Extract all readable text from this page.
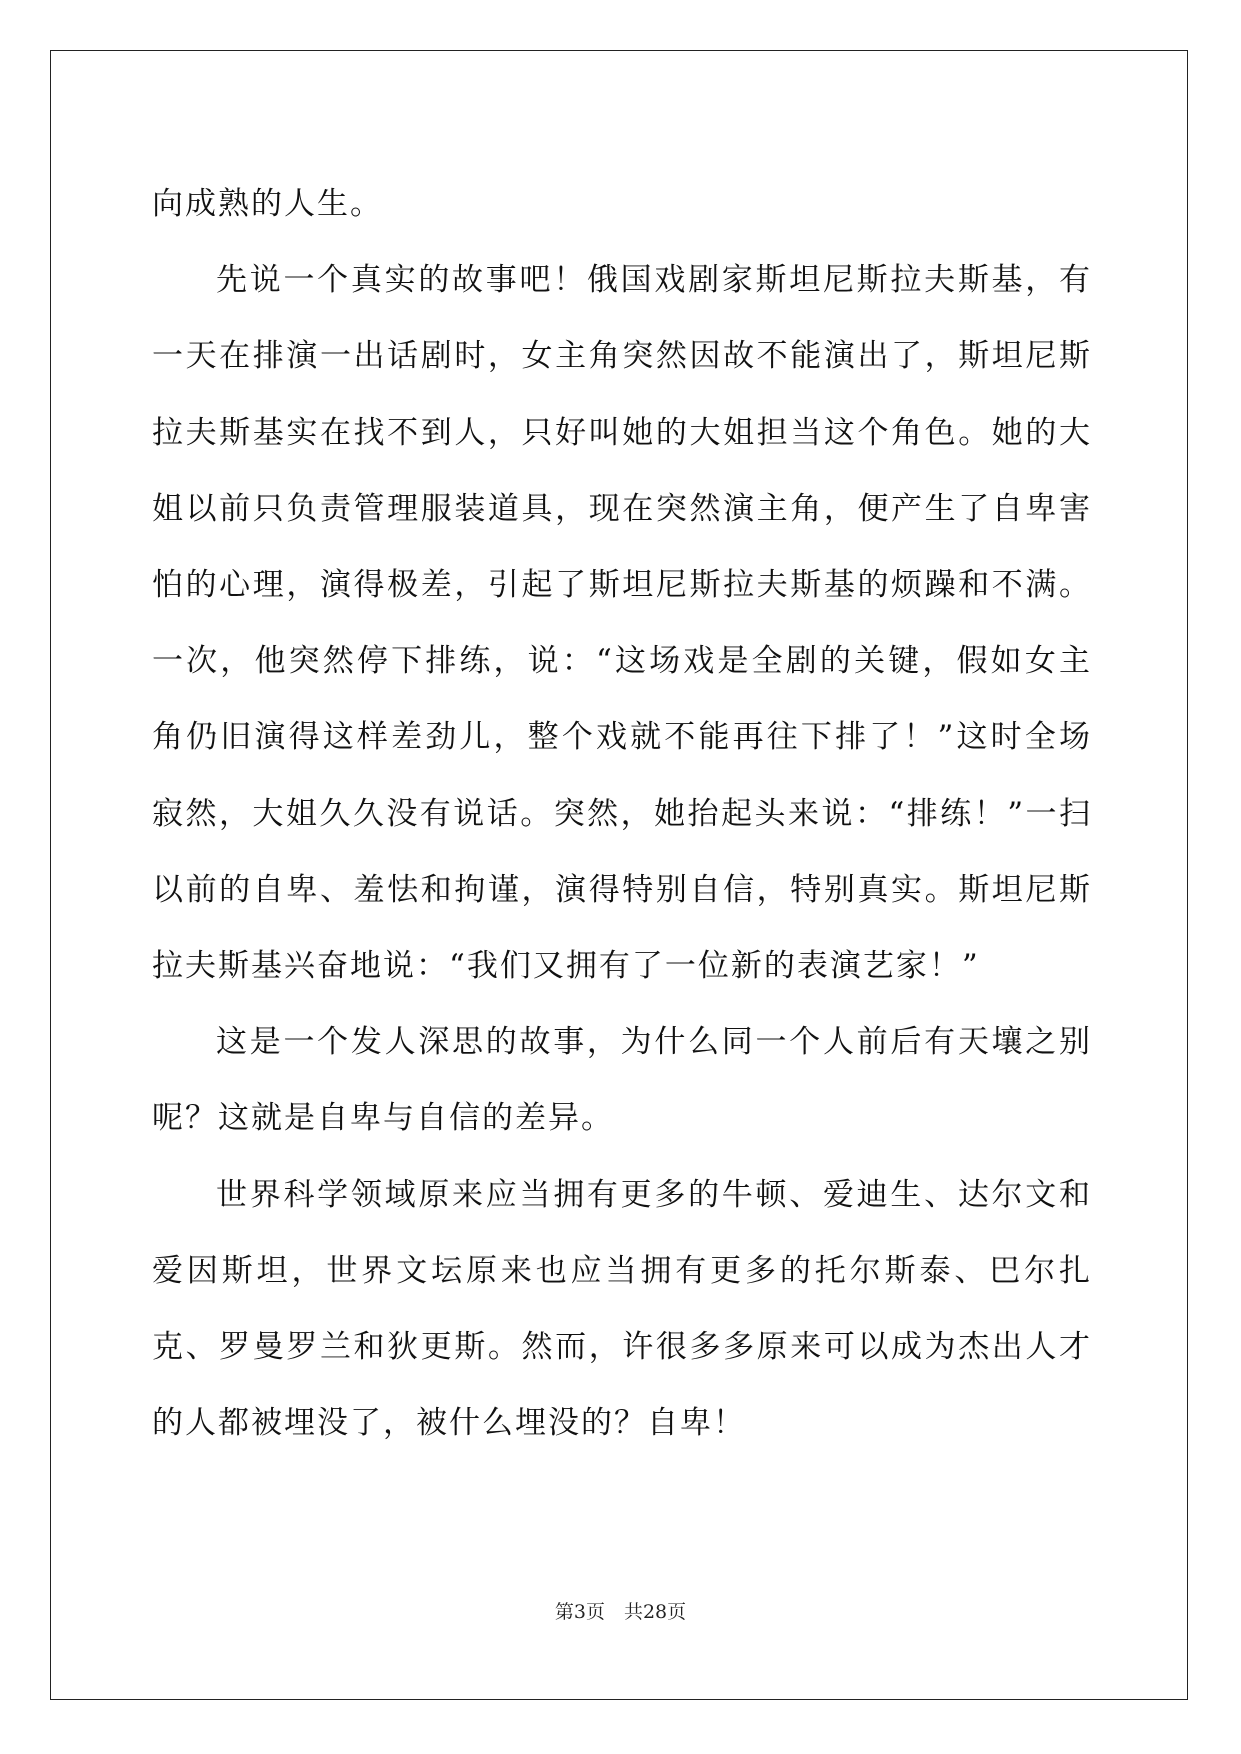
向成熟的人生。

先说一个真实的故事吧！俄国戏剧家斯坦尼斯拉夫斯基，有一天在排演一出话剧时，女主角突然因故不能演出了，斯坦尼斯拉夫斯基实在找不到人，只好叫她的大姐担当这个角色。她的大姐以前只负责管理服装道具，现在突然演主角，便产生了自卑害怕的心理，演得极差，引起了斯坦尼斯拉夫斯基的烦躁和不满。一次，他突然停下排练，说：“这场戏是全剧的关键，假如女主角仍旧演得这样差劲儿，整个戏就不能再往下排了！”这时全场寂然，大姐久久没有说话。突然，她抬起头来说：“排练！”一扫以前的自卑、羞怯和拘谨，演得特别自信，特别真实。斯坦尼斯拉夫斯基兴奋地说：“我们又拥有了一位新的表演艺家！”

这是一个发人深思的故事，为什么同一个人前后有天壤之别呢？这就是自卑与自信的差异。

世界科学领域原来应当拥有更多的牛顿、爱迪生、达尔文和爱因斯坦，世界文坛原来也应当拥有更多的托尔斯泰、巴尔扎克、罗曼罗兰和狄更斯。然而，许很多多原来可以成为杰出人才的人都被埋没了，被什么埋没的？自卑！

第3页　共28页
